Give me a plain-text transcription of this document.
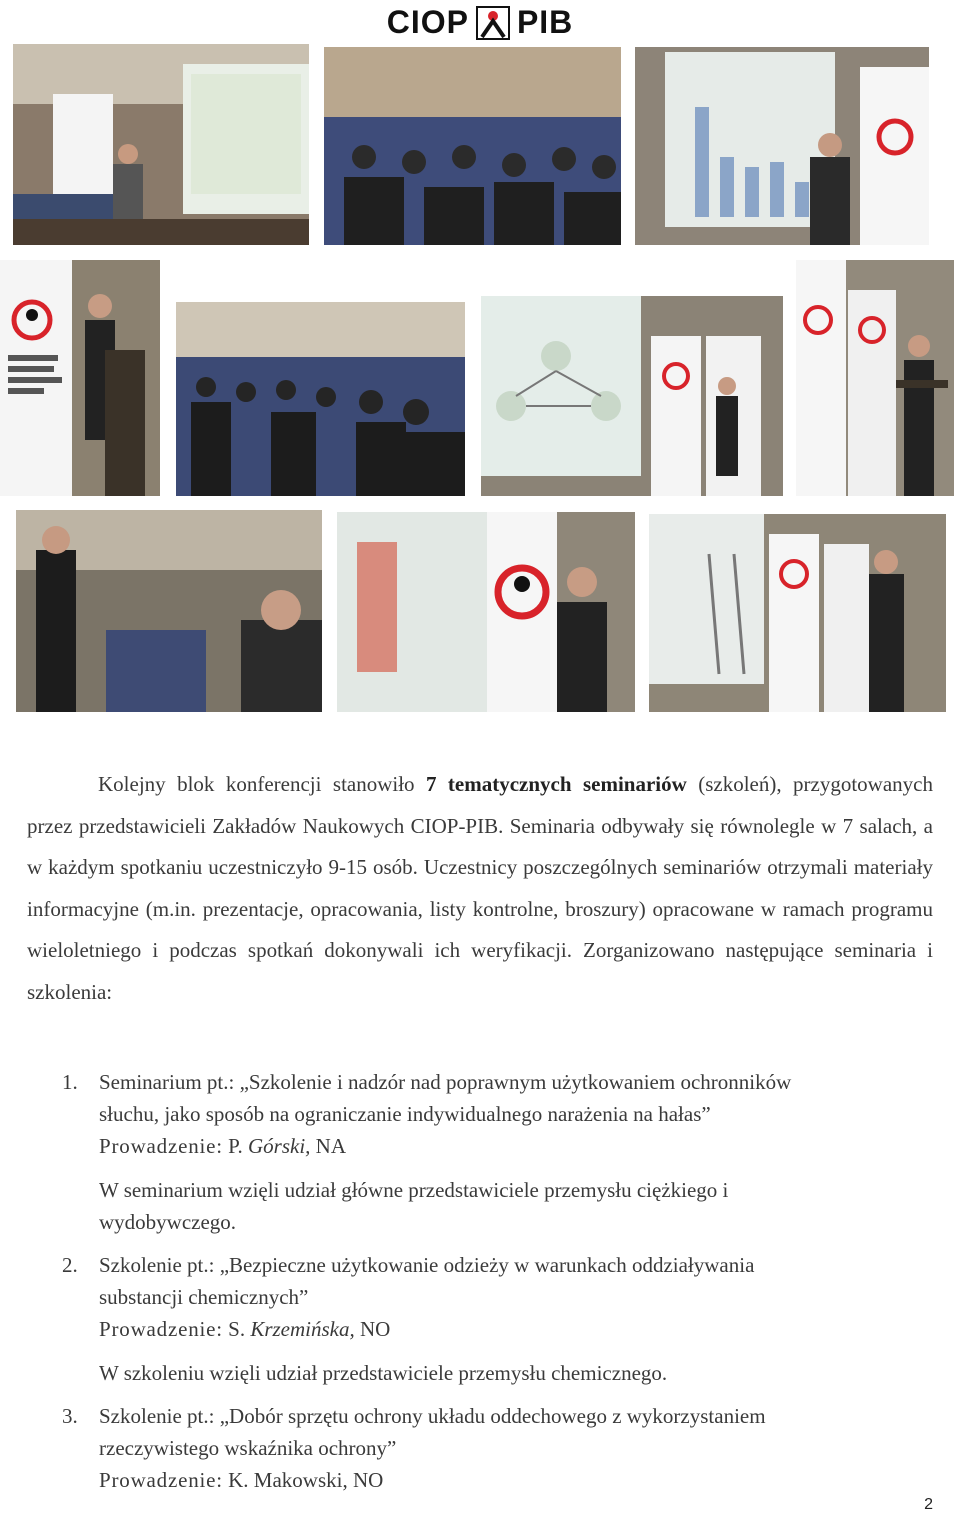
CIOP PIB
Kolejny blok konferencji stanowiło 7 tematycznych seminariów (szkoleń), przygotowanych przez przedstawicieli Zakładów Naukowych CIOP-PIB. Seminaria odbywały się równolegle w 7 salach, a w każdym spotkaniu uczestniczyło 9-15 osób. Uczestnicy poszczególnych seminariów otrzymali materiały informacyjne (m.in. prezentacje, opracowania, listy kontrolne, broszury) opracowane w ramach programu wieloletniego i podczas spotkań dokonywali ich weryfikacji. Zorganizowano następujące seminaria i szkolenia:
1.	Seminarium pt.: „Szkolenie i nadzór nad poprawnym użytkowaniem ochronników
słuchu, jako sposób na ograniczanie indywidualnego narażenia na hałas”
Prowadzenie: P. Górski, NA
W seminarium wzięli udział główne przedstawiciele przemysłu ciężkiego i
wydobywczego.
2.	Szkolenie pt.: „Bezpieczne użytkowanie odzieży w warunkach oddziaływania
substancji chemicznych”
Prowadzenie: S. Krzemińska, NO
W szkoleniu wzięli udział przedstawiciele przemysłu chemicznego.
3.	Szkolenie pt.: „Dobór sprzętu ochrony układu oddechowego z wykorzystaniem
rzeczywistego wskaźnika ochrony”
Prowadzenie: K. Makowski, NO
2
